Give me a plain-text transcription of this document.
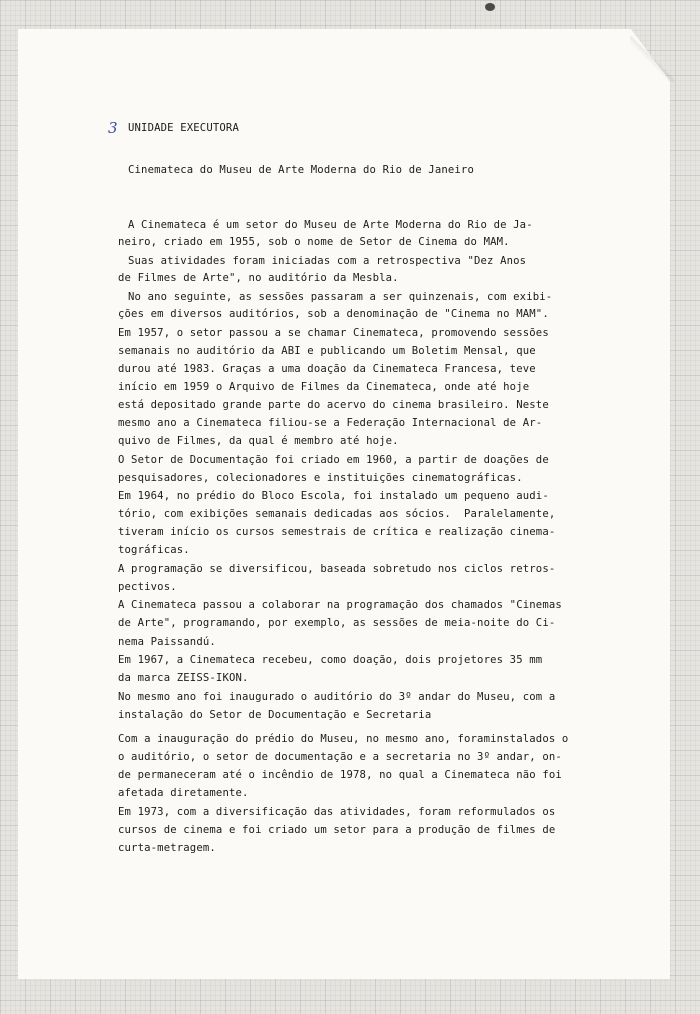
3 UNIDADE EXECUTORA
Cinemateca do Museu de Arte Moderna do Rio de Janeiro
A Cinemateca é um setor do Museu de Arte Moderna do Rio de Ja-
neiro, criado em 1955, sob o nome de Setor de Cinema do MAM.
Suas atividades foram iniciadas com a retrospectiva "Dez Anos
de Filmes de Arte", no auditório da Mesbla.
No ano seguinte, as sessões passaram a ser quinzenais, com exibi-
ções em diversos auditórios, sob a denominação de "Cinema no MAM".
Em 1957, o setor passou a se chamar Cinemateca, promovendo sessões
semanais no auditório da ABI e publicando um Boletim Mensal, que
durou até 1983. Graças a uma doação da Cinemateca Francesa, teve
início em 1959 o Arquivo de Filmes da Cinemateca, onde até hoje
está depositado grande parte do acervo do cinema brasileiro. Neste
mesmo ano a Cinemateca filiou-se a Federação Internacional de Ar-
quivo de Filmes, da qual é membro até hoje.
O Setor de Documentação foi criado em 1960, a partir de doações de
pesquisadores, colecionadores e instituições cinematográficas.
Em 1964, no prédio do Bloco Escola, foi instalado um pequeno audi-
tório, com exibições semanais dedicadas aos sócios.  Paralelamente,
tiveram início os cursos semestrais de crítica e realização cinema-
tográficas.
A programação se diversificou, baseada sobretudo nos ciclos retros-
pectivos.
A Cinemateca passou a colaborar na programação dos chamados "Cinemas
de Arte", programando, por exemplo, as sessões de meia-noite do Ci-
nema Paissandú.
Em 1967, a Cinemateca recebeu, como doação, dois projetores 35 mm
da marca ZEISS-IKON.
No mesmo ano foi inaugurado o auditório do 3º andar do Museu, com a
instalação do Setor de Documentação e Secretaria
Com a inauguração do prédio do Museu, no mesmo ano, foraminstalados o
o auditório, o setor de documentação e a secretaria no 3º andar, on-
de permaneceram até o incêndio de 1978, no qual a Cinemateca não foi
afetada diretamente.
Em 1973, com a diversificação das atividades, foram reformulados os
cursos de cinema e foi criado um setor para a produção de filmes de
curta-metragem.
